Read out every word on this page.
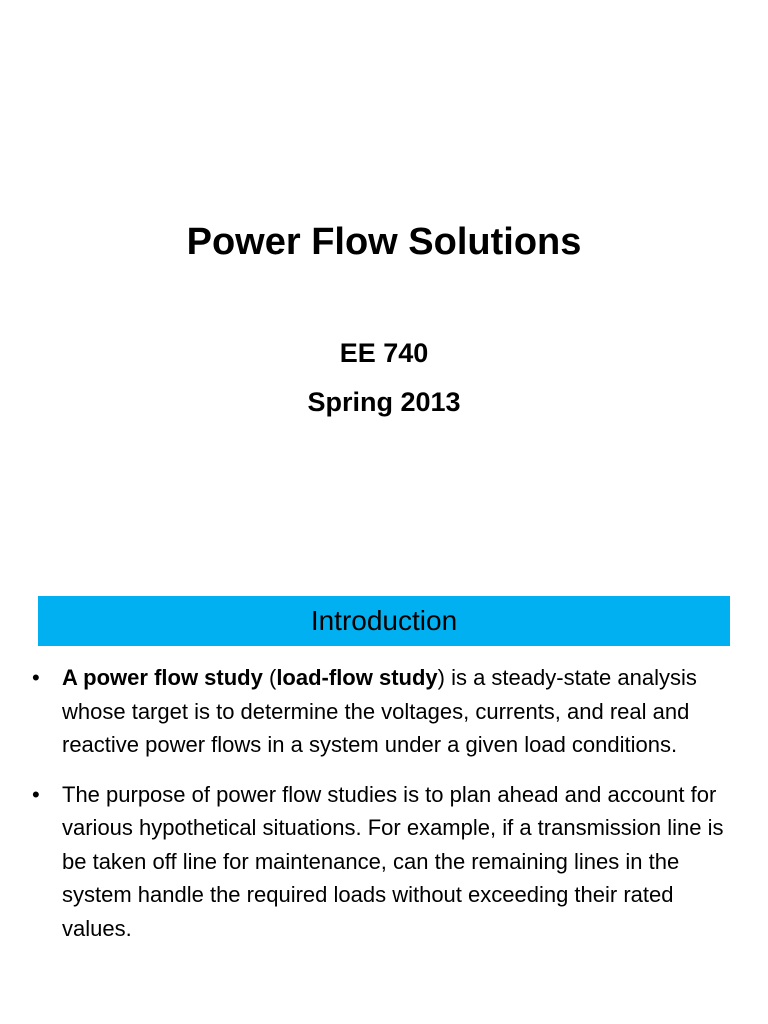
Power Flow Solutions
EE 740
Spring 2013
Introduction
• A power flow study (load-flow study) is a steady-state analysis whose target is to determine the voltages, currents, and real and reactive power flows in a system under a given load conditions.
• The purpose of power flow studies is to plan ahead and account for various hypothetical situations. For example, if a transmission line is be taken off line for maintenance, can the remaining lines in the system handle the required loads without exceeding their rated values.
